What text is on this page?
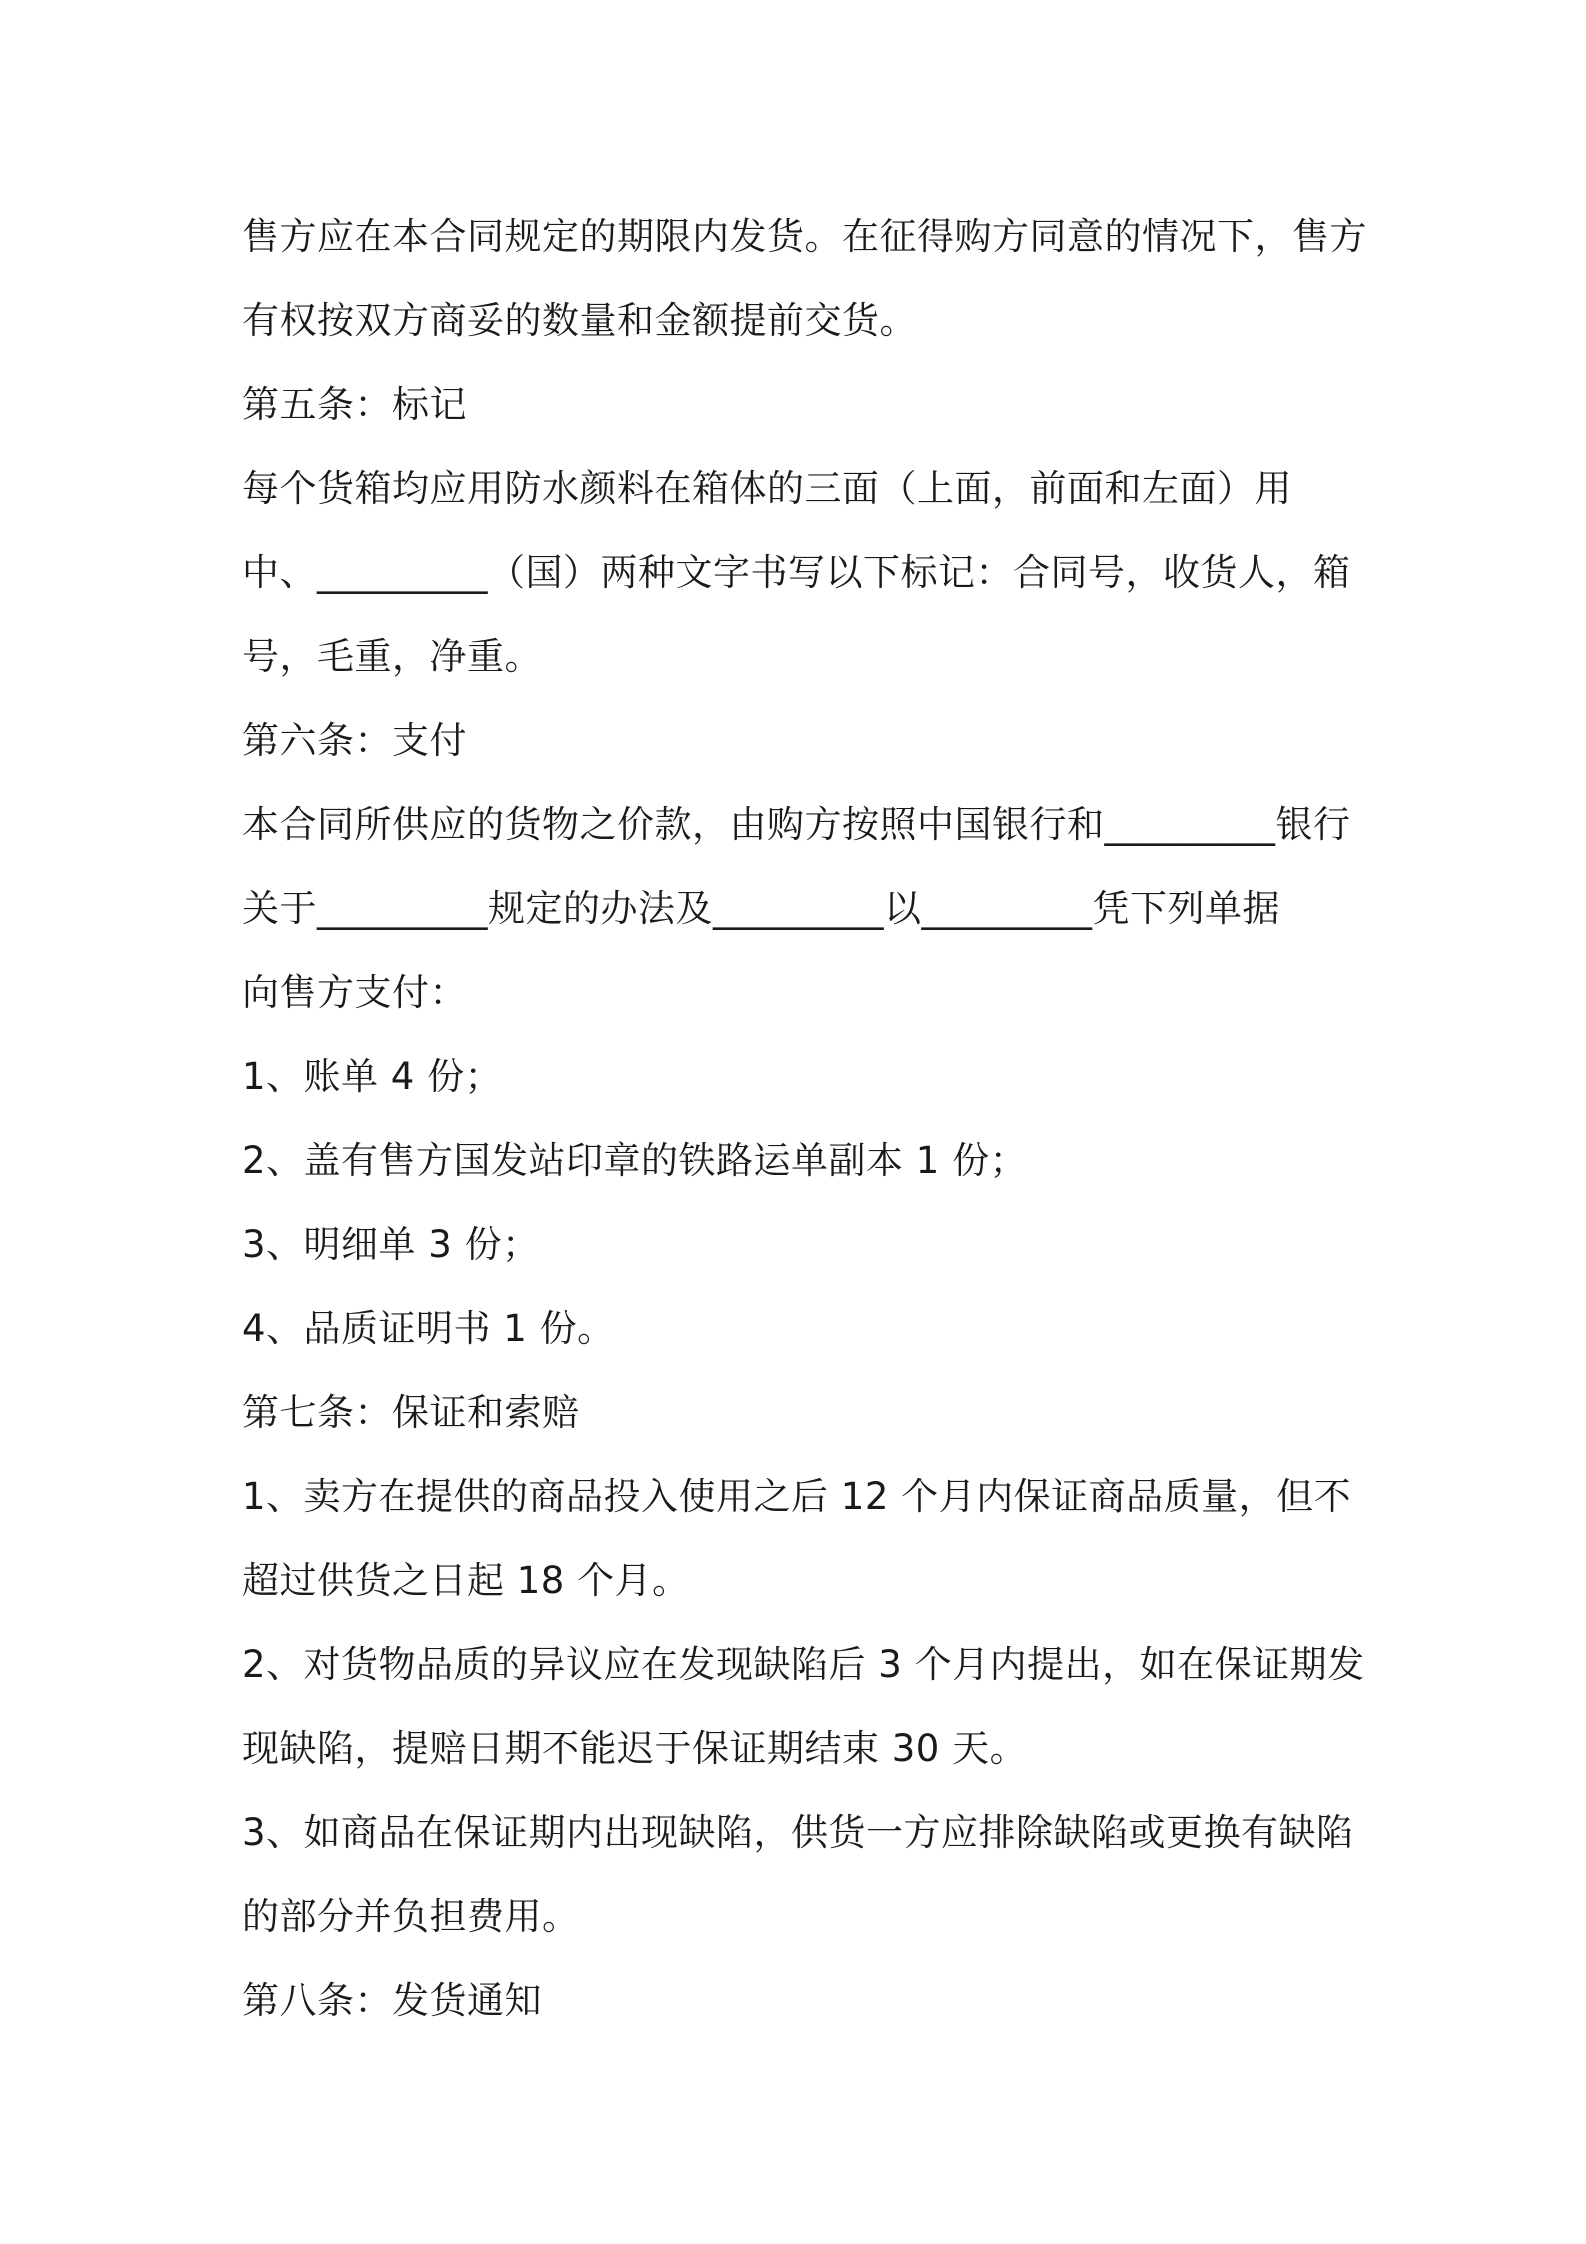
售方应在本合同规定的期限内发货。在征得购方同意的情况下，售方
有权按双方商妥的数量和金额提前交货。
第五条：标记
每个货箱均应用防水颜料在箱体的三面（上面，前面和左面）用
中、_________（国）两种文字书写以下标记：合同号，收货人，箱
号，毛重，净重。
第六条：支付
本合同所供应的货物之价款，由购方按照中国银行和_________银行
关于_________规定的办法及_________以_________凭下列单据
向售方支付：
1、账单 4 份；
2、盖有售方国发站印章的铁路运单副本 1 份；
3、明细单 3 份；
4、品质证明书 1 份。
第七条：保证和索赔
1、卖方在提供的商品投入使用之后 12 个月内保证商品质量，但不
超过供货之日起 18 个月。
2、对货物品质的异议应在发现缺陷后 3 个月内提出，如在保证期发
现缺陷，提赔日期不能迟于保证期结束 30 天。
3、如商品在保证期内出现缺陷，供货一方应排除缺陷或更换有缺陷
的部分并负担费用。
第八条：发货通知
